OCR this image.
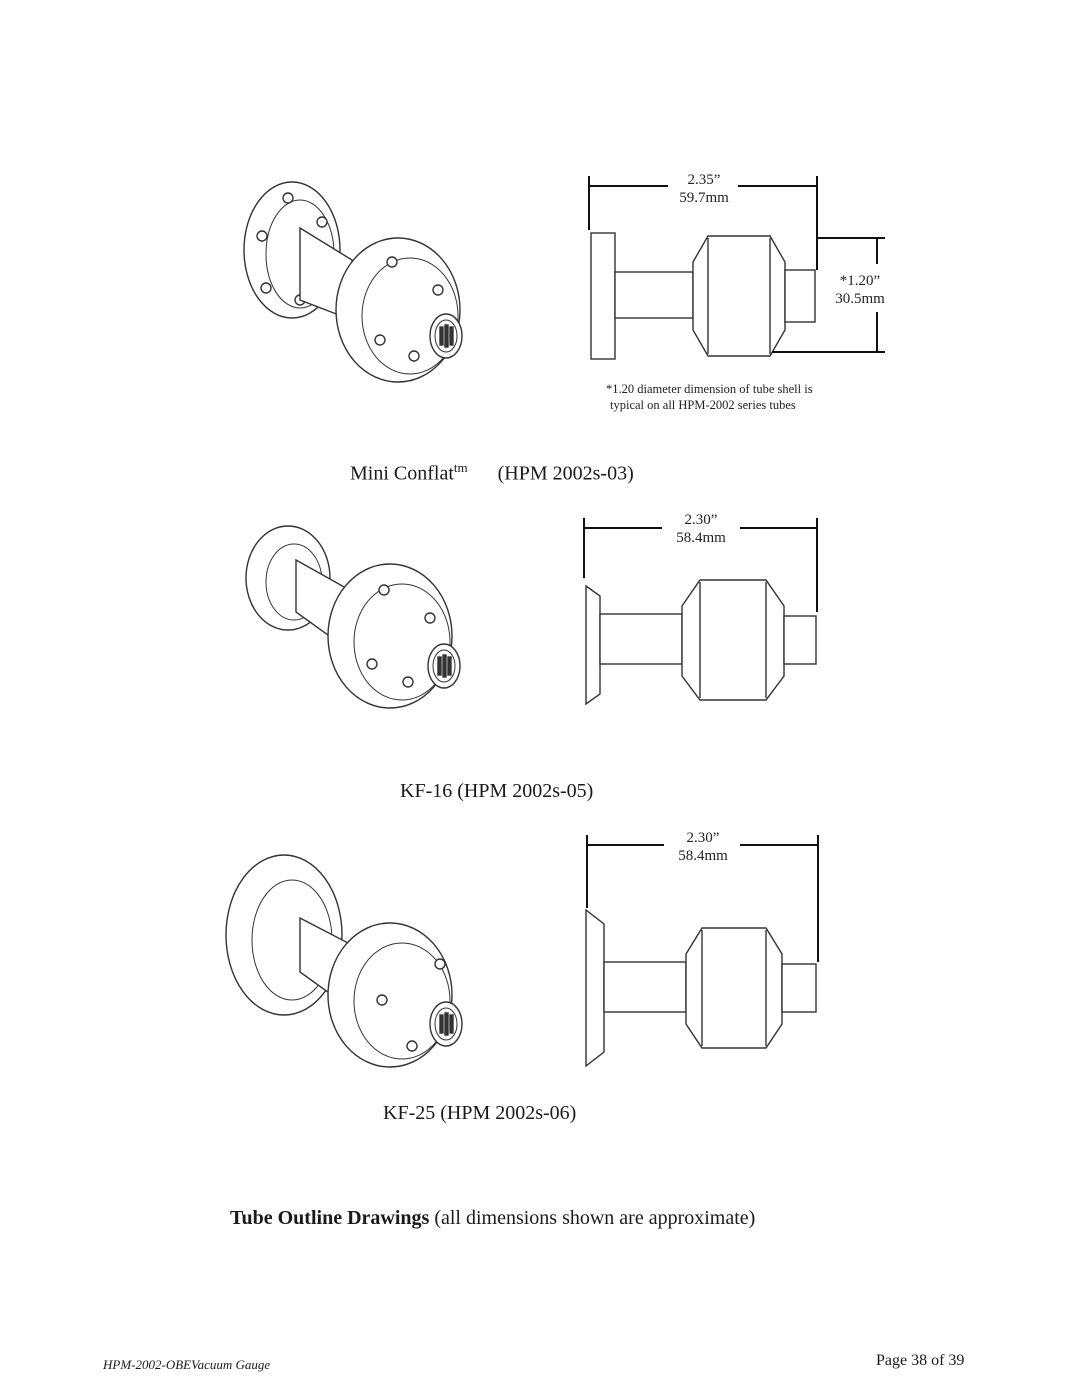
2.35”
59.7mm
*1.20”
30.5mm
*1.20 diameter dimension of tube shell is
typical on all HPM-2002 series tubes
Mini Conflat$^{tm}$ (HPM 2002s-03)
2.30”
58.4mm
KF-16 (HPM 2002s-05)
2.30”
58.4mm
KF-25 (HPM 2002s-06)
Tube Outline Drawings (all dimensions shown are approximate)
HPM-2002-OBEVacuum Gauge	Page 38 of 39
